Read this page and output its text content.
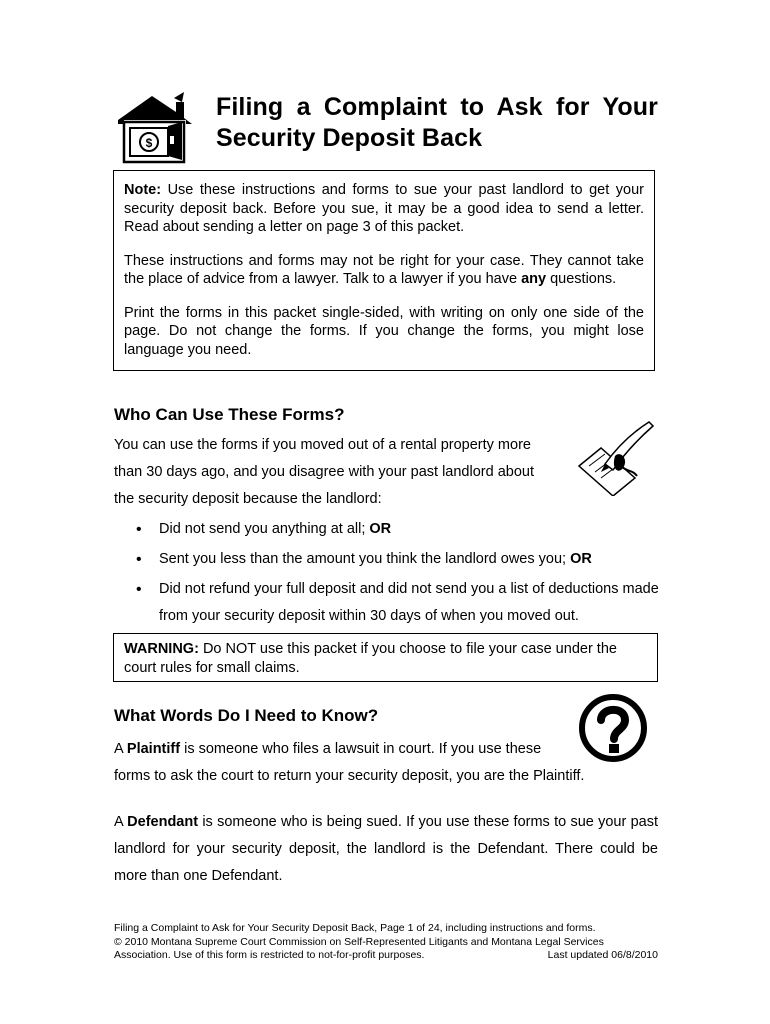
$
Filing a Complaint to Ask for Your
Security Deposit Back

Note: Use these instructions and forms to sue your past landlord to get your security deposit back. Before you sue, it may be a good idea to send a letter. Read about sending a letter on page 3 of this packet.

These instructions and forms may not be right for your case. They cannot take the place of advice from a lawyer. Talk to a lawyer if you have any questions.

Print the forms in this packet single-sided, with writing on only one side of the page. Do not change the forms. If you change the forms, you might lose language you need.

Who Can Use These Forms?
You can use the forms if you moved out of a rental property more
than 30 days ago, and you disagree with your past landlord about
the security deposit because the landlord:
• Did not send you anything at all; OR
• Sent you less than the amount you think the landlord owes you; OR
• Did not refund your full deposit and did not send you a list of deductions made from your security deposit within 30 days of when you moved out.
WARNING: Do NOT use this packet if you choose to file your case under the court rules for small claims.
What Words Do I Need to Know?
A Plaintiff is someone who files a lawsuit in court. If you use these
forms to ask the court to return your security deposit, you are the Plaintiff.
A Defendant is someone who is being sued. If you use these forms to sue your past landlord for your security deposit, the landlord is the Defendant. There could be more than one Defendant.
Filing a Complaint to Ask for Your Security Deposit Back, Page 1 of 24, including instructions and forms.
© 2010 Montana Supreme Court Commission on Self-Represented Litigants and Montana Legal Services
Association. Use of this form is restricted to not-for-profit purposes.	Last updated 06/8/2010
